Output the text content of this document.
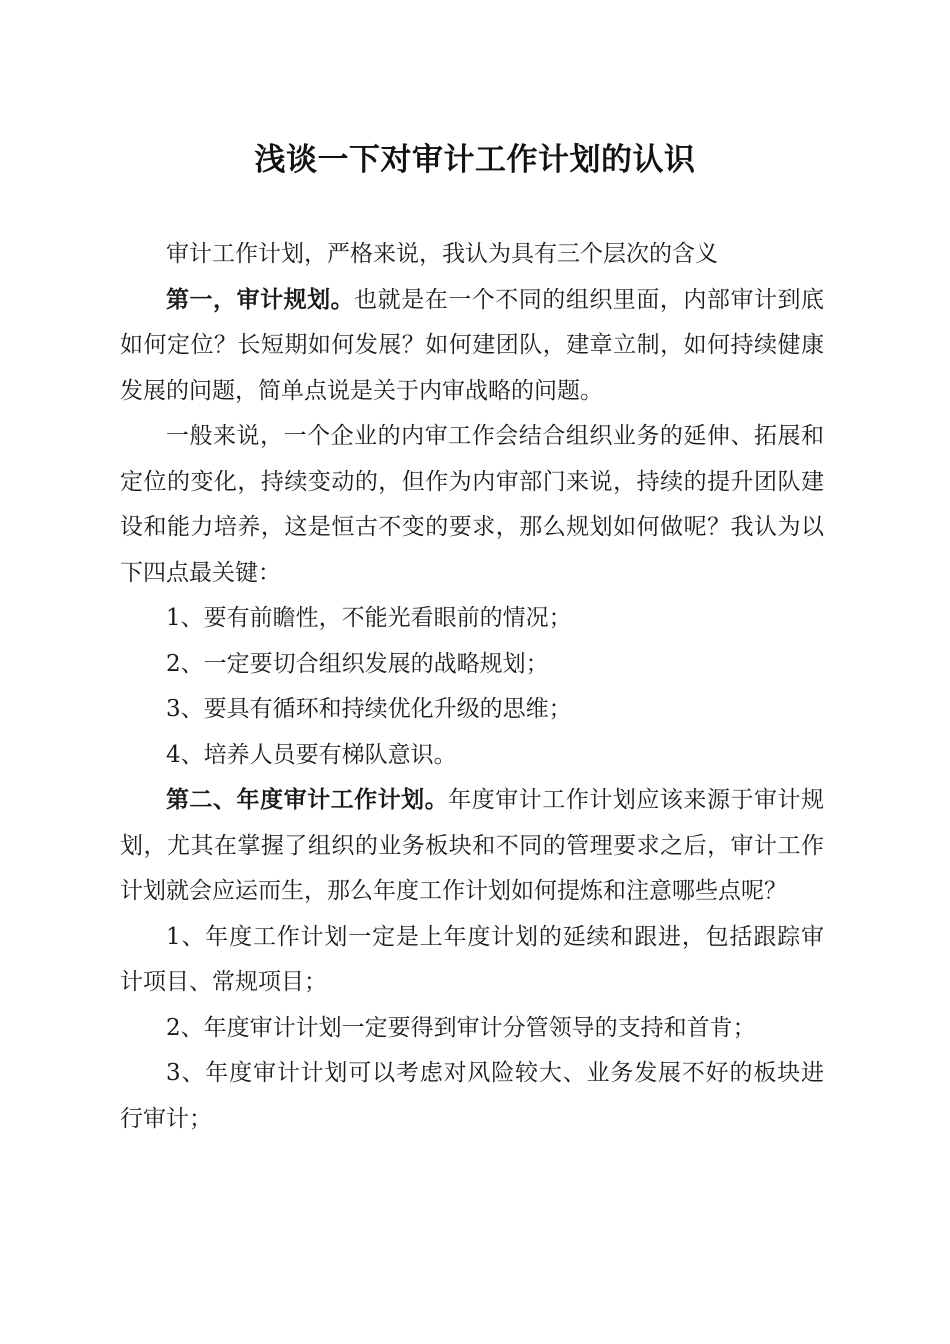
浅谈一下对审计工作计划的认识

审计工作计划，严格来说，我认为具有三个层次的含义

第一，审计规划。也就是在一个不同的组织里面，内部审计到底如何定位？长短期如何发展？如何建团队，建章立制，如何持续健康发展的问题，简单点说是关于内审战略的问题。

一般来说，一个企业的内审工作会结合组织业务的延伸、拓展和定位的变化，持续变动的，但作为内审部门来说，持续的提升团队建设和能力培养，这是恒古不变的要求，那么规划如何做呢？我认为以下四点最关键：

1、要有前瞻性，不能光看眼前的情况；

2、一定要切合组织发展的战略规划；

3、要具有循环和持续优化升级的思维；

4、培养人员要有梯队意识。

第二、年度审计工作计划。年度审计工作计划应该来源于审计规划，尤其在掌握了组织的业务板块和不同的管理要求之后，审计工作计划就会应运而生，那么年度工作计划如何提炼和注意哪些点呢？

1、年度工作计划一定是上年度计划的延续和跟进，包括跟踪审计项目、常规项目；

2、年度审计计划一定要得到审计分管领导的支持和首肯；

3、年度审计计划可以考虑对风险较大、业务发展不好的板块进行审计；
